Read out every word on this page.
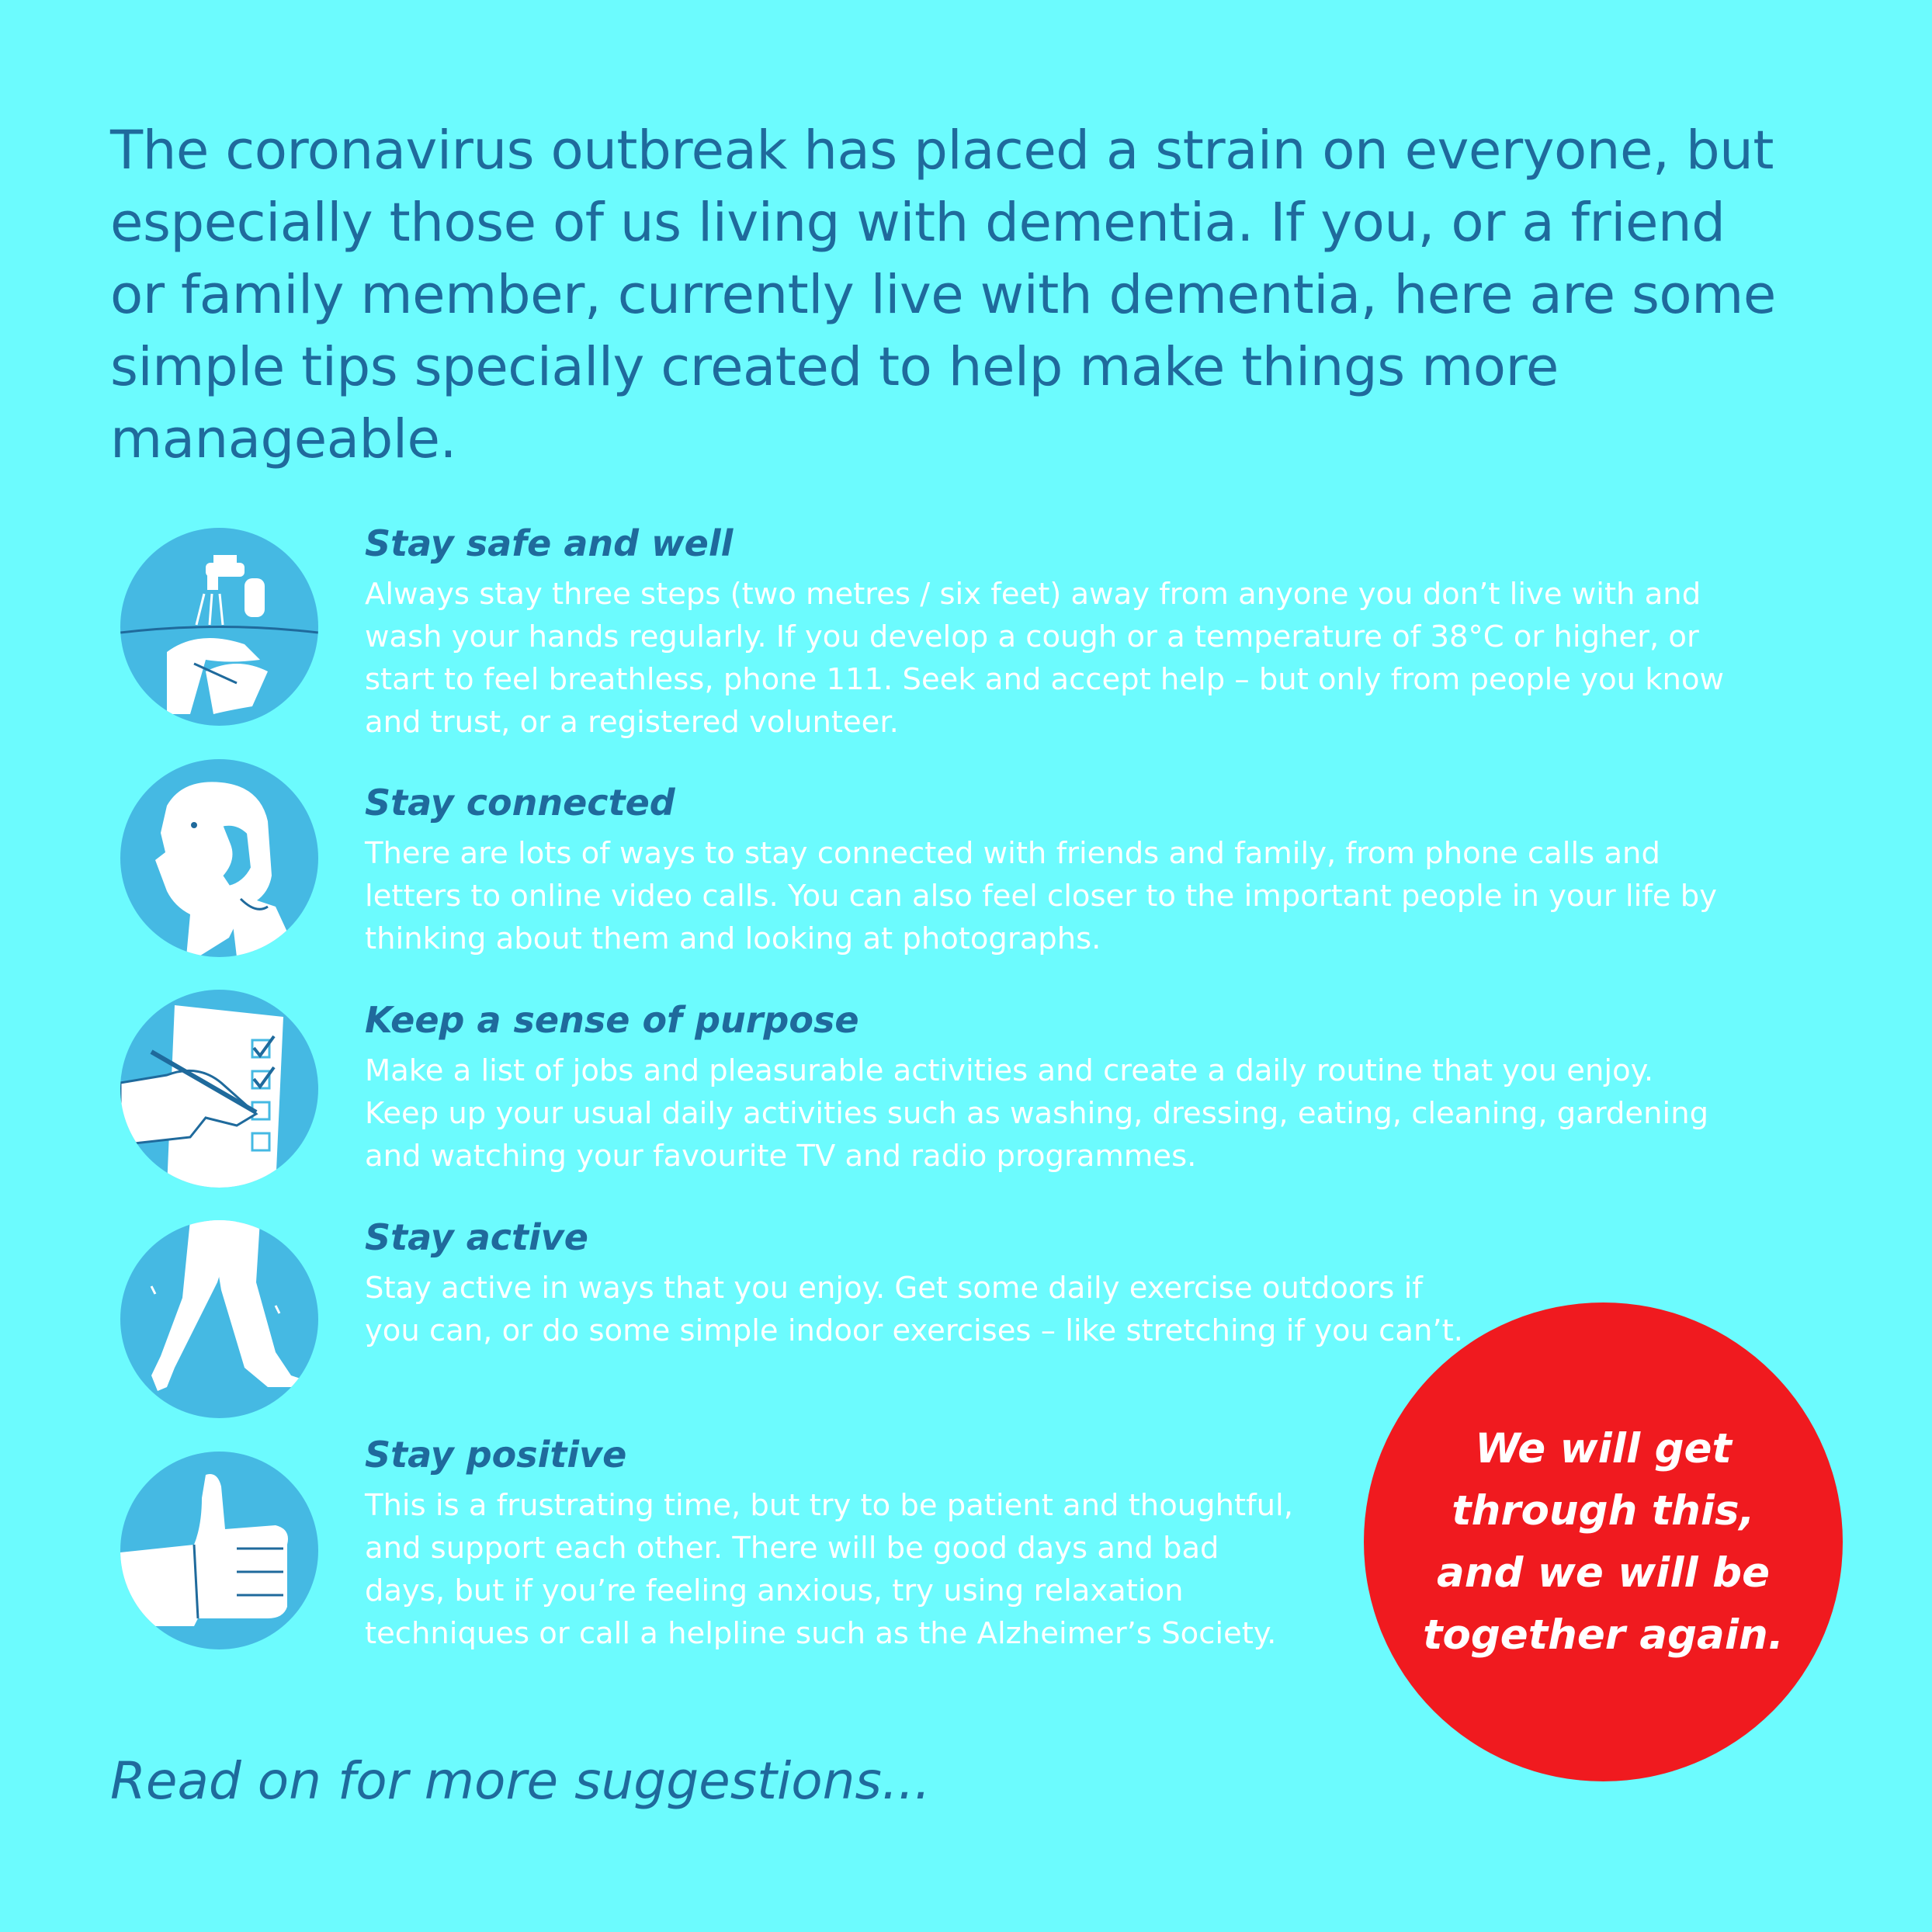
The coronavirus outbreak has placed a strain on everyone, but especially those of us living with dementia. If you, or a friend or family member, currently live with dementia, here are some simple tips specially created to help make things more manageable.

Stay safe and well

Always stay three steps (two metres / six feet) away from anyone you don’t live with and wash your hands regularly. If you develop a cough or a temperature of 38°C or higher, or start to feel breathless, phone 111. Seek and accept help – but only from people you know and trust, or a registered volunteer.

Stay connected

There are lots of ways to stay connected with friends and family, from phone calls and letters to online video calls. You can also feel closer to the important people in your life by thinking about them and looking at photographs.

Keep a sense of purpose

Make a list of jobs and pleasurable activities and create a daily routine that you enjoy. Keep up your usual daily activities such as washing, dressing, eating, cleaning, gardening and watching your favourite TV and radio programmes.

Stay active

Stay active in ways that you enjoy. Get some daily exercise outdoors if you can, or do some simple indoor exercises – like stretching if you can’t.

Stay positive

This is a frustrating time, but try to be patient and thoughtful, and support each other. There will be good days and bad days, but if you’re feeling anxious, try using relaxation techniques or call a helpline such as the Alzheimer’s Society.

We will get through this, and we will be together again.

Read on for more suggestions...
